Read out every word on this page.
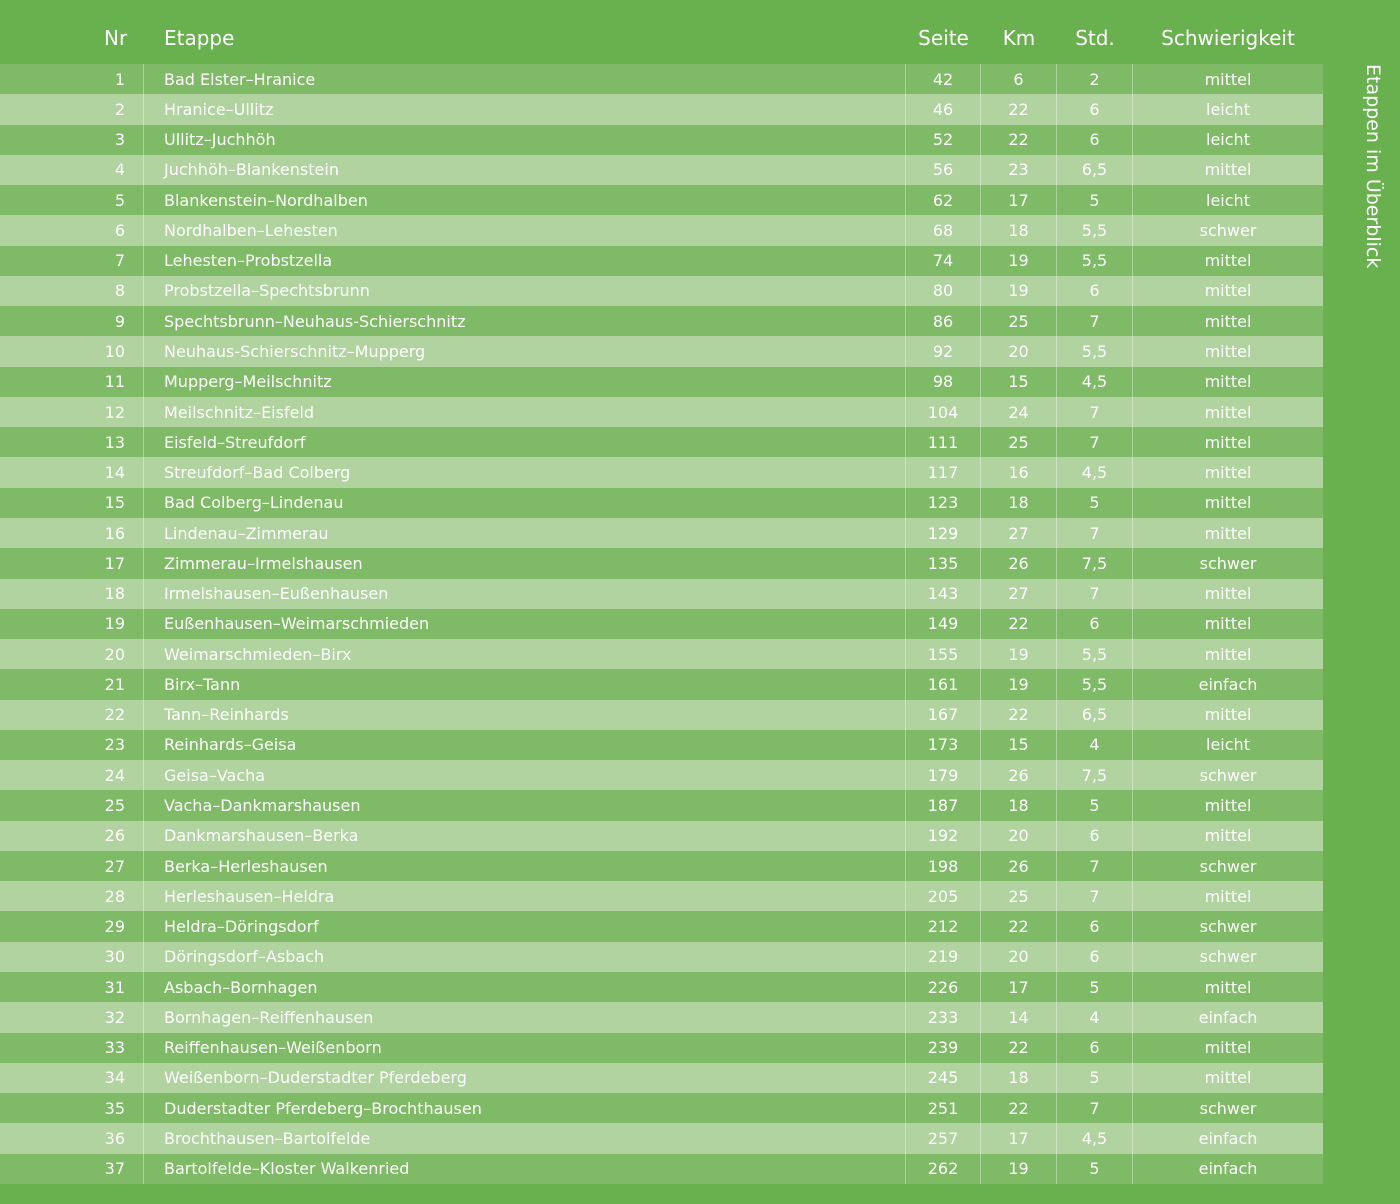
Nr Etappe	Seite	Km	Std.	Schwierigkeit
1	Bad Elster–Hranice	42	6	2	mittel
2	Hranice–Ullitz	46	22	6	leicht
3	Ullitz–Juchhöh	52	22	6	leicht
4	Juchhöh–Blankenstein	56	23	6,5	mittel
5	Blankenstein–Nordhalben	62	17	5	leicht
6	Nordhalben–Lehesten	68	18	5,5	schwer
7	Lehesten–Probstzella	74	19	5,5	mittel
8	Probstzella–Spechtsbrunn	80	19	6	mittel
9	Spechtsbrunn–Neuhaus-Schierschnitz	86	25	7	mittel
10	Neuhaus-Schierschnitz–Mupperg	92	20	5,5	mittel
11	Mupperg–Meilschnitz	98	15	4,5	mittel
12	Meilschnitz–Eisfeld	104	24	7	mittel
13	Eisfeld–Streufdorf	111	25	7	mittel
14	Streufdorf–Bad Colberg	117	16	4,5	mittel
15	Bad Colberg–Lindenau	123	18	5	mittel
16	Lindenau–Zimmerau	129	27	7	mittel
17	Zimmerau–Irmelshausen	135	26	7,5	schwer
18	Irmelshausen–Eußenhausen	143	27	7	mittel
19	Eußenhausen–Weimarschmieden	149	22	6	mittel
20	Weimarschmieden–Birx	155	19	5,5	mittel
21	Birx–Tann	161	19	5,5	einfach
22	Tann–Reinhards	167	22	6,5	mittel
23	Reinhards–Geisa	173	15	4	leicht
24	Geisa–Vacha	179	26	7,5	schwer
25	Vacha–Dankmarshausen	187	18	5	mittel
26	Dankmarshausen–Berka	192	20	6	mittel
27	Berka–Herleshausen	198	26	7	schwer
28	Herleshausen–Heldra	205	25	7	mittel
29	Heldra–Döringsdorf	212	22	6	schwer
30	Döringsdorf–Asbach	219	20	6	schwer
31	Asbach–Bornhagen	226	17	5	mittel
32	Bornhagen–Reiffenhausen	233	14	4	einfach
33	Reiffenhausen–Weißenborn	239	22	6	mittel
34	Weißenborn–Duderstadter Pferdeberg	245	18	5	mittel
35	Duderstadter Pferdeberg–Brochthausen	251	22	7	schwer
36	Brochthausen–Bartolfelde	257	17	4,5	einfach
37	Bartolfelde–Kloster Walkenried	262	19	5	einfach
Etappen im Überblick
